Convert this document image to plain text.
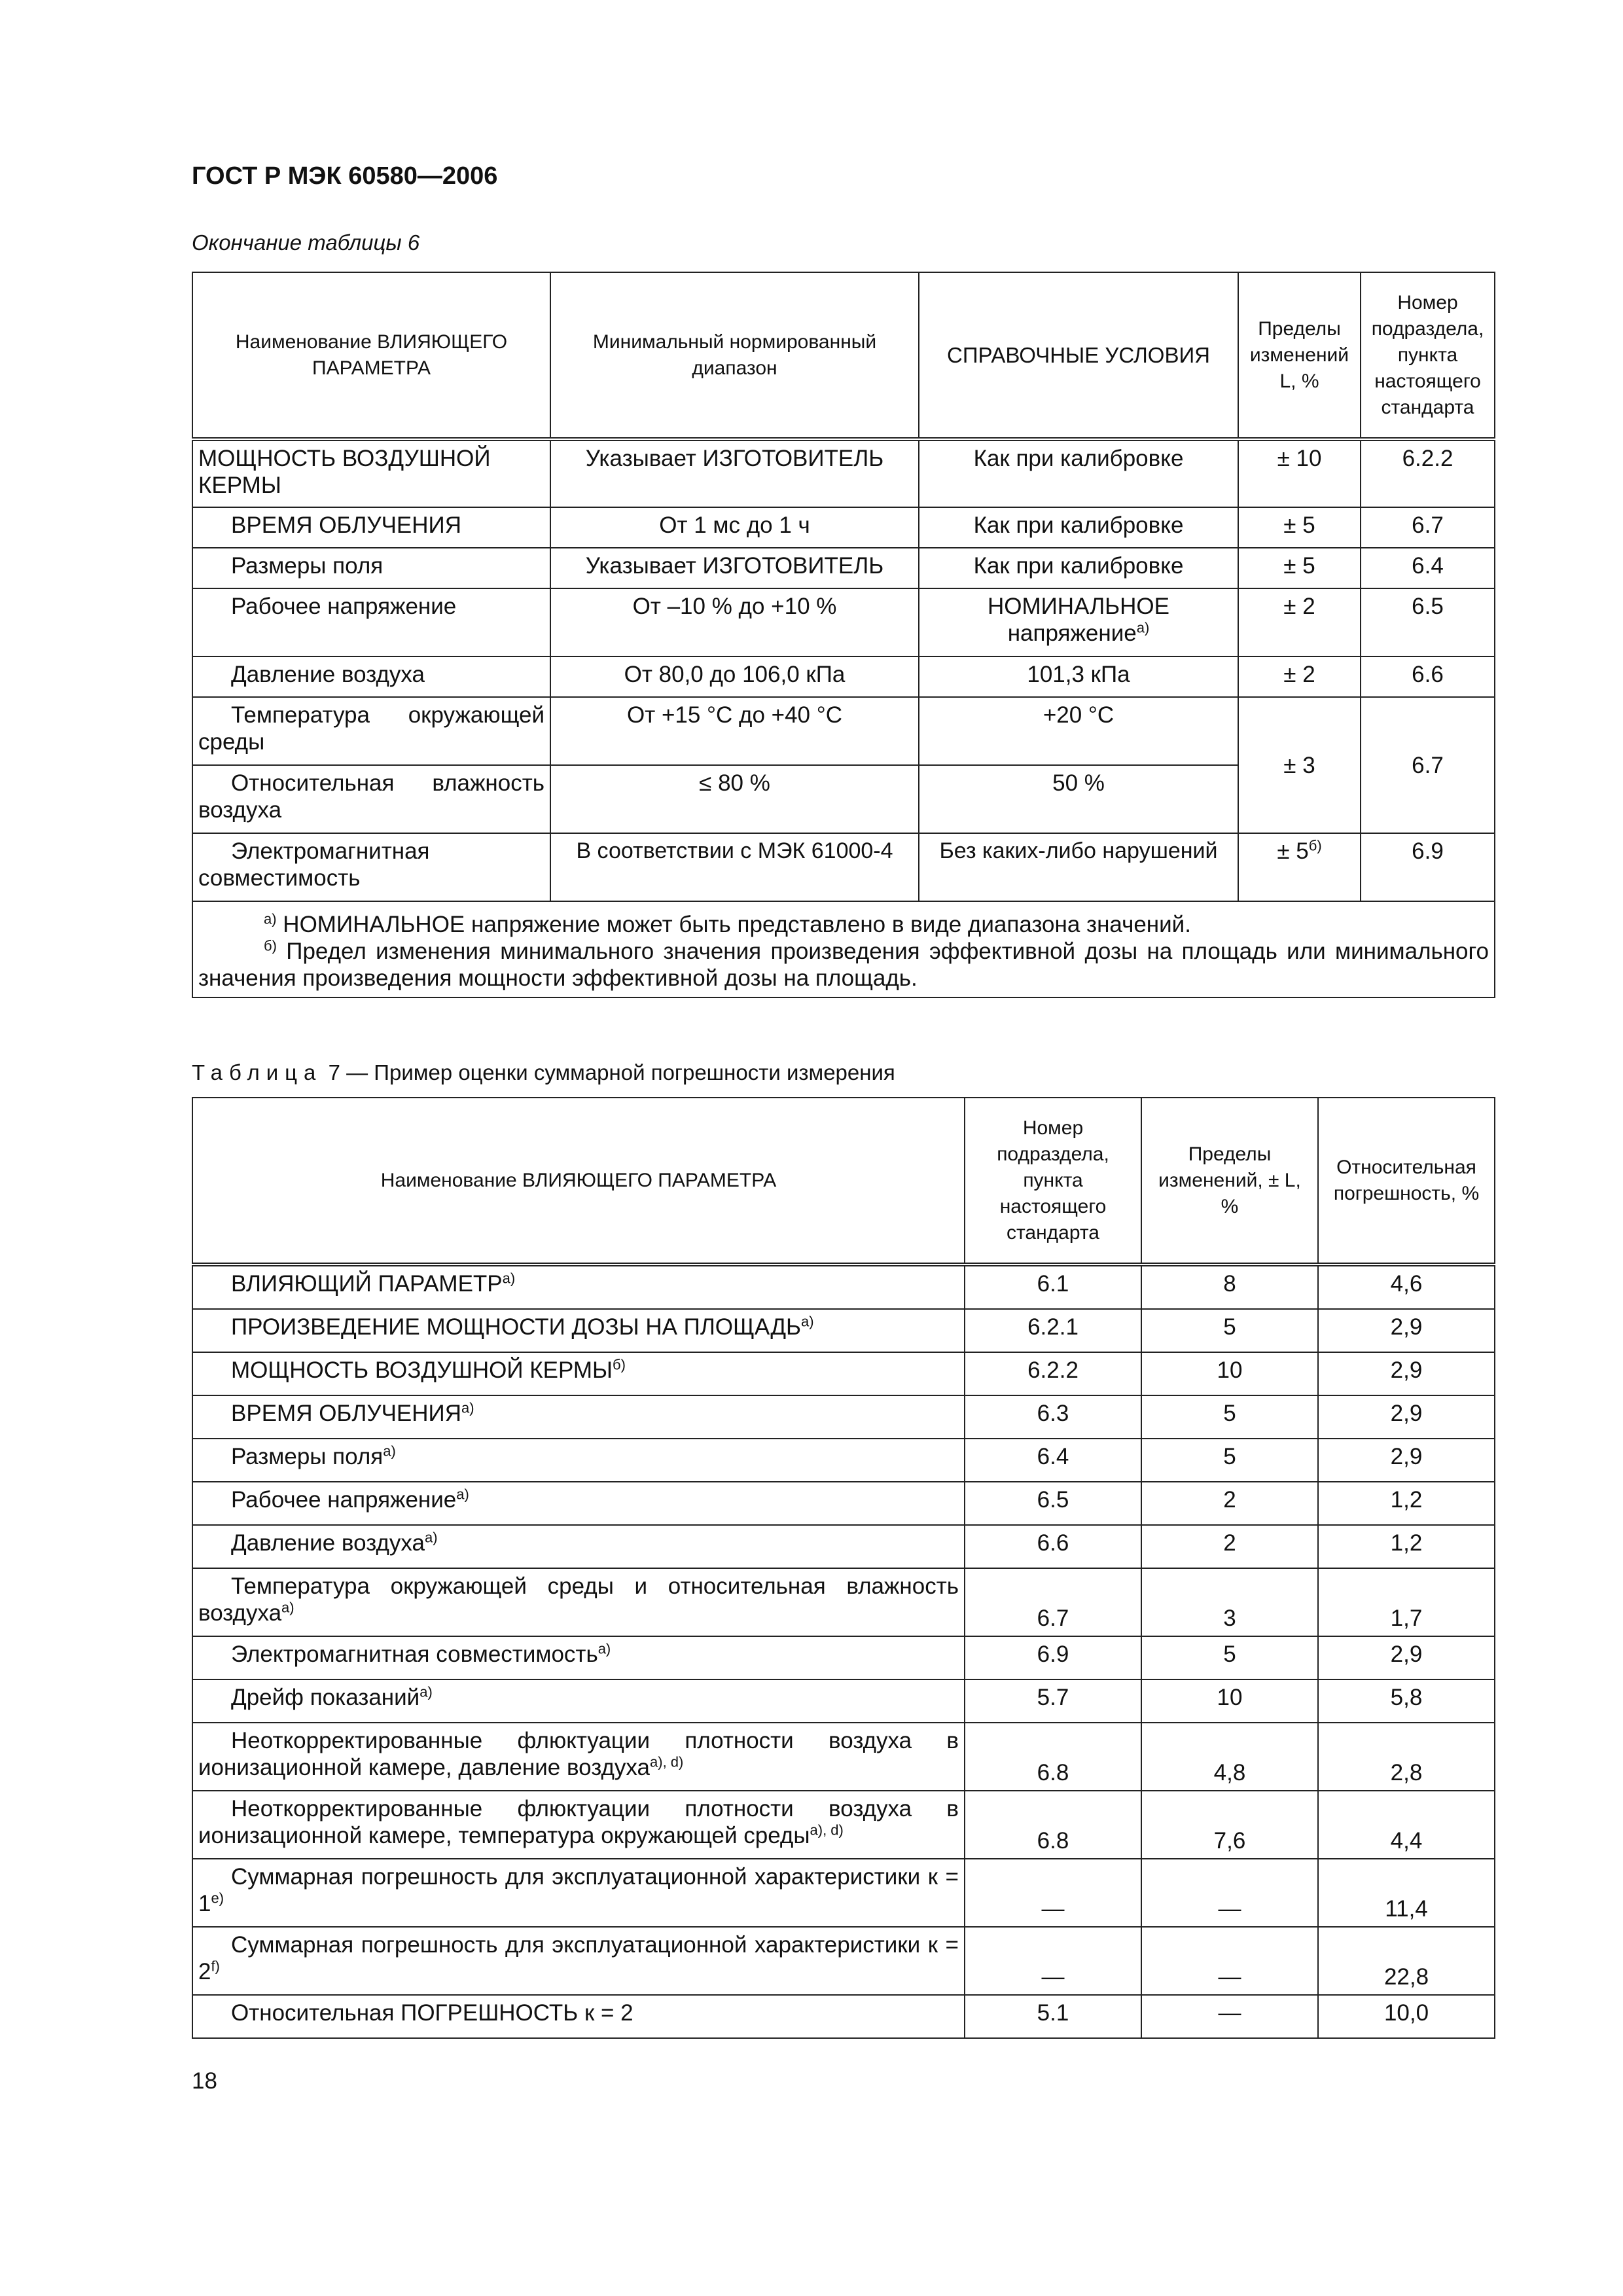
ГОСТ Р МЭК 60580—2006
Окончание таблицы 6
Наименование ВЛИЯЮЩЕГО ПАРАМЕТРА	Минимальный нормированный диапазон	СПРАВОЧНЫЕ УСЛОВИЯ	Пределы изменений L, %	Номер подраздела, пункта настоящего стандарта
МОЩНОСТЬ ВОЗДУШНОЙ КЕРМЫ	Указывает ИЗГОТОВИТЕЛЬ	Как при калибровке	± 10	6.2.2
ВРЕМЯ ОБЛУЧЕНИЯ	От 1 мс до 1 ч	Как при калибровке	± 5	6.7
Размеры поля	Указывает ИЗГОТОВИТЕЛЬ	Как при калибровке	± 5	6.4
Рабочее напряжение	От –10 % до +10 %	НОМИНАЛЬНОЕ напряжение$^{a)}$	± 2	6.5
Давление воздуха	От 80,0 до 106,0 кПа	101,3 кПа	± 2	6.6
Температура окружающей среды	От +15 °С до +40 °С	+20 °С	± 3	6.7
Относительная влажность воздуха	≤ 80 %	50 %		
Электромагнитная совместимость	В соответствии с МЭК 61000-4	Без каких-либо нарушений	± $5^{б)}$	6.9

$^{a)}$ НОМИНАЛЬНОЕ напряжение может быть представлено в виде диапазона значений.

$^{б)}$ Предел изменения минимального значения произведения эффективной дозы на площадь или минимального значения произведения мощности эффективной дозы на площадь.				

Таблица 7 — Пример оценки суммарной погрешности измерения
Наименование ВЛИЯЮЩЕГО ПАРАМЕТРА	Номер подраздела, пункта настоящего стандарта	Пределы изменений, ± L, %	Относительная погрешность, %
ВЛИЯЮЩИЙ ПАРАМЕТР$^{a)}$	6.1	8	4,6
ПРОИЗВЕДЕНИЕ МОЩНОСТИ ДОЗЫ НА ПЛОЩАДЬ$^{a)}$	6.2.1	5	2,9
МОЩНОСТЬ ВОЗДУШНОЙ $КЕРМЫ^{б)}$	6.2.2	10	2,9
ВРЕМЯ ОБЛУЧЕНИЯ$^{a)}$	6.3	5	2,9
Размеры поля$^{a)}$	6.4	5	2,9
Рабочее напряжение$^{a)}$	6.5	2	1,2
Давление воздуха$^{a)}$	6.6	2	1,2
Температура окружающей среды и относительная влажность воздуха$^{a)}$	6.7	3	1,7
Электромагнитная совместимость$^{a)}$	6.9	5	2,9
Дрейф показаний$^{a)}$	5.7	10	5,8
Неоткорректированные флюктуации плотности воздуха в ионизационной камере, давление воздуха$^{a), d)}$	6.8	4,8	2,8
Неоткорректированные флюктуации плотности воздуха в ионизационной камере, температура окружающей среды$^{a), d)}$	6.8	7,6	4,4
Суммарная погрешность для эксплуатационной характеристики $к = 1^{e)}$	—	—	11,4
Суммарная погрешность для эксплуатационной характеристики $к = 2^{f)}$	—	—	22,8
Относительная ПОГРЕШНОСТЬ к = 2	5.1	—	10,0
18
